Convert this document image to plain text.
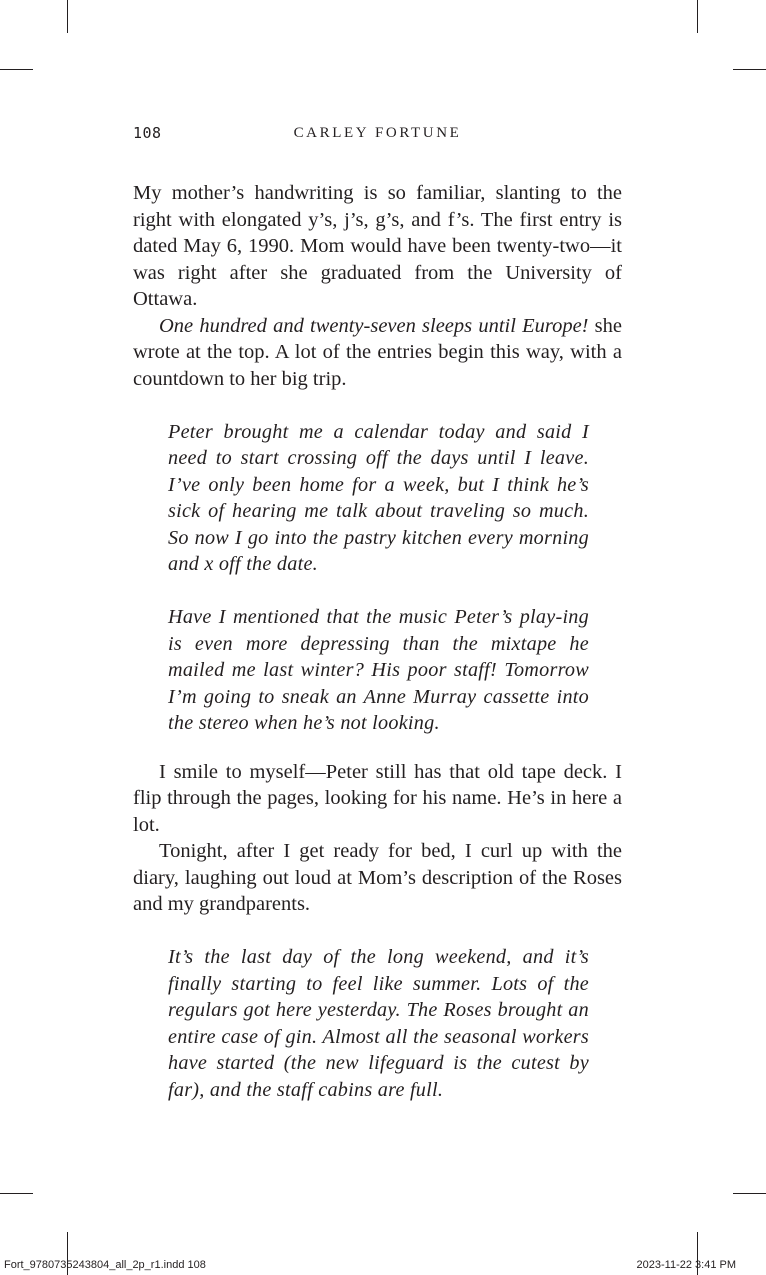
108	CARLEY FORTUNE

My mother’s handwriting is so familiar, slanting to the right with elongated y’s, j’s, g’s, and f’s. The first entry is dated May 6, 1990. Mom would have been twenty-two—it was right after she graduated from the University of Ottawa.

One hundred and twenty-seven sleeps until Europe! she wrote at the top. A lot of the entries begin this way, with a countdown to her big trip.

Peter brought me a calendar today and said I need to start crossing off the days until I leave. I’ve only been home for a week, but I think he’s sick of hearing me talk about traveling so much. So now I go into the pastry kitchen every morning and x off the date.

Have I mentioned that the music Peter’s play-ing is even more depressing than the mixtape he mailed me last winter? His poor staff! Tomorrow I’m going to sneak an Anne Murray cassette into the stereo when he’s not looking.

I smile to myself—Peter still has that old tape deck. I flip through the pages, looking for his name. He’s in here a lot.

Tonight, after I get ready for bed, I curl up with the diary, laughing out loud at Mom’s description of the Roses and my grandparents.

It’s the last day of the long weekend, and it’s finally starting to feel like summer. Lots of the regulars got here yesterday. The Roses brought an entire case of gin. Almost all the seasonal workers have started (the new lifeguard is the cutest by far), and the staff cabins are full.

Fort_9780735243804_all_2p_r1.indd 108	2023-11-22 3:41 PM
